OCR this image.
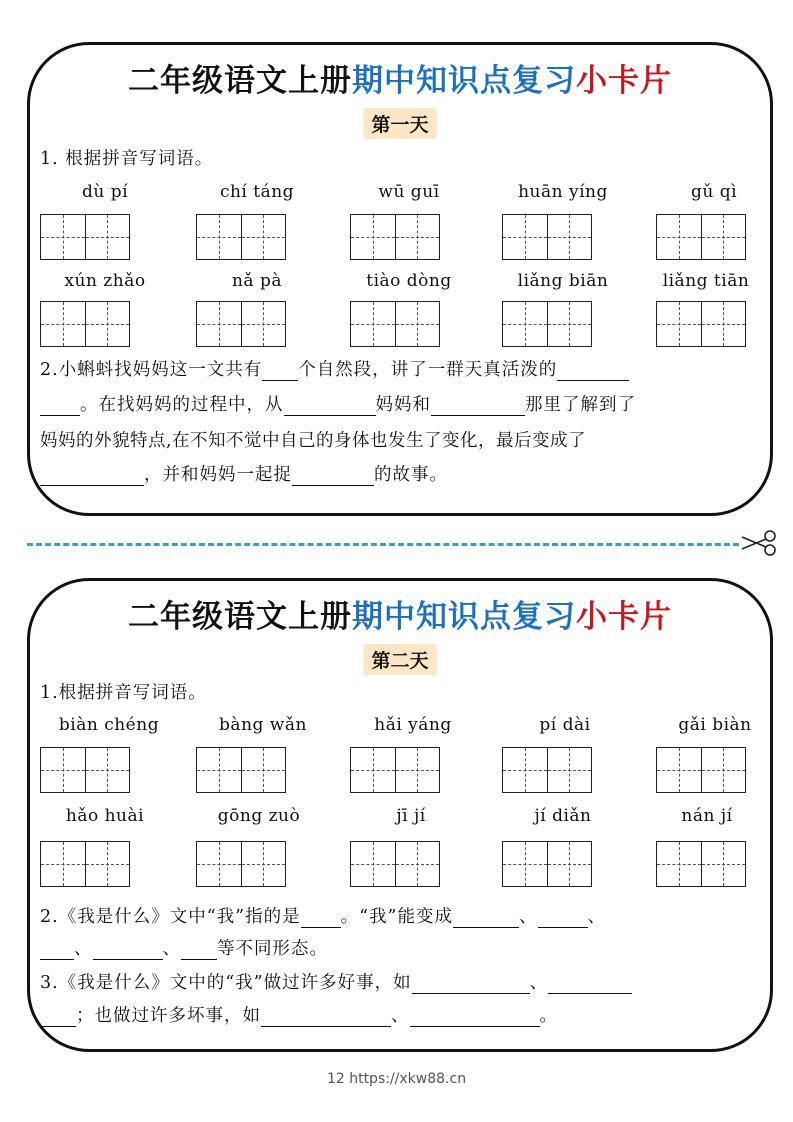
二年级语文上册期中知识点复习小卡片
第一天
1. 根据拼音写词语。
dù pí	chí táng	wū guī	huān yíng	gǔ qì
xún zhǎo	nǎ pà	tiào dòng	liǎng biān	liǎng tiān
2.小蝌蚪找妈妈这一文共有 个自然段，讲了一群天真活泼的
。在找妈妈的过程中，从	妈妈和	那里了解到了
妈妈的外貌特点,在不知不觉中自己的身体也发生了变化，最后变成了
，并和妈妈一起捉	的故事。
二年级语文上册期中知识点复习小卡片
第二天
1.根据拼音写词语。
biàn chéng	bàng wǎn	hǎi yáng	pí dài	gǎi biàn
hǎo huài	gōng zuò	jī jí	jí diǎn	nán jí
2.《我是什么》文中“我”指的是 。“我”能变成	、	、
、	、 等不同形态。
3.《我是什么》文中的“我”做过许多好事，如	、
；也做过许多坏事，如	、	。
12 https://xkw88.cn
